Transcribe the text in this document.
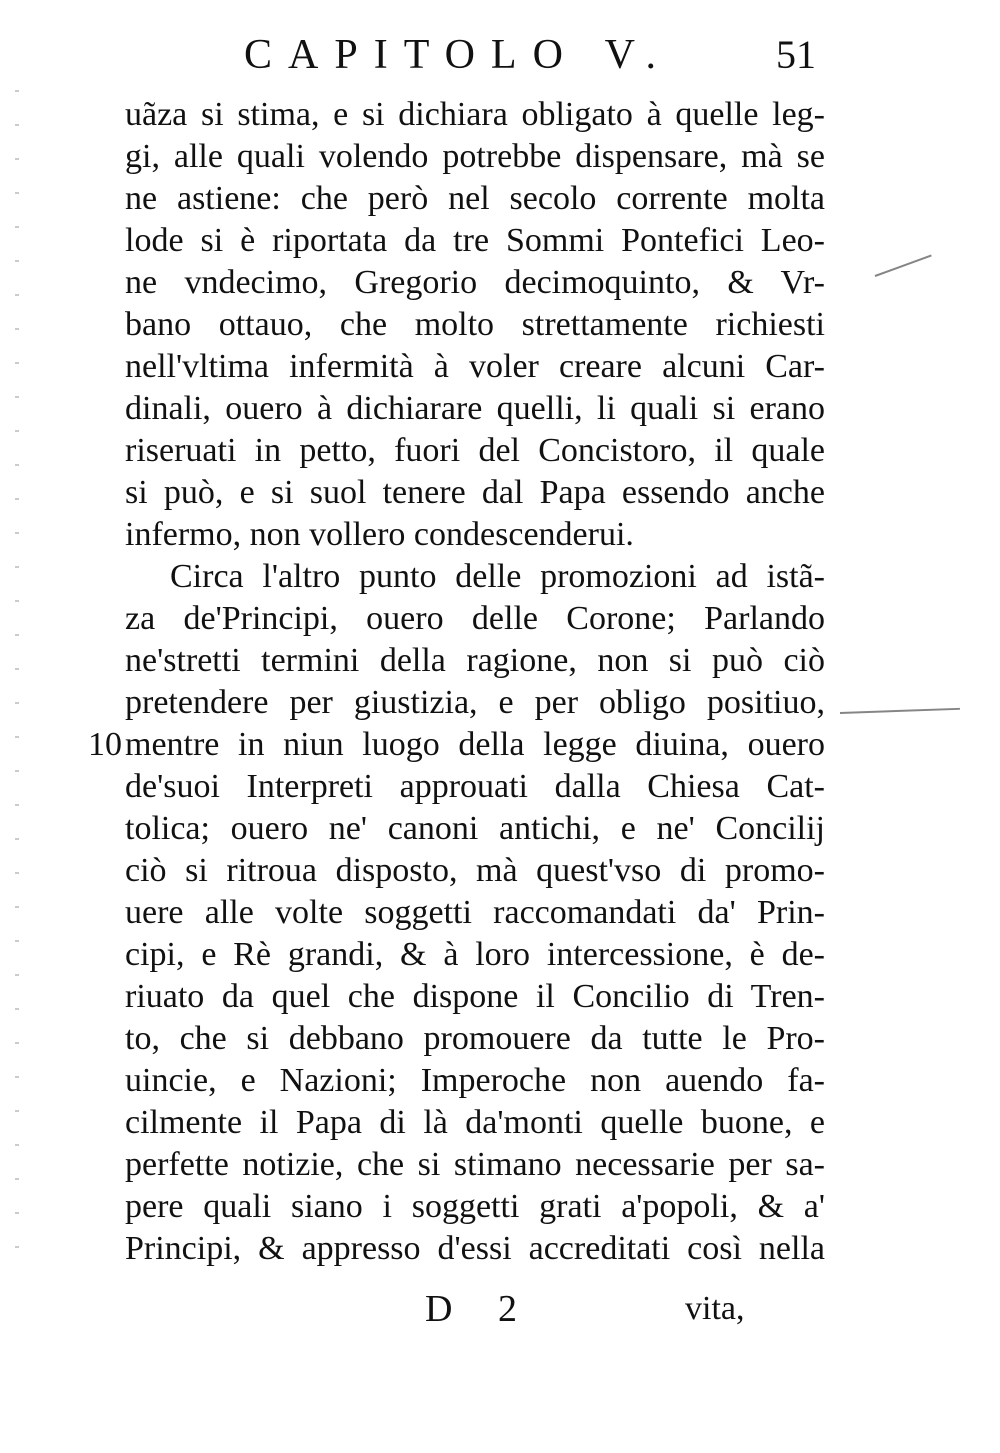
CAPITOLO V.	51
10
uãza si stima, e si dichiara obligato à quelle leg-
gi, alle quali volendo potrebbe dispensare, mà se
ne astiene: che però nel secolo corrente molta
lode si è riportata da tre Sommi Pontefici Leo-
ne vndecimo, Gregorio decimoquinto, & Vr-
bano ottauo, che molto strettamente richiesti
nell'vltima infermità à voler creare alcuni Car-
dinali, ouero à dichiarare quelli, li quali si erano
riseruati in petto, fuori del Concistoro, il quale
si può, e si suol tenere dal Papa essendo anche
infermo, non vollero condescenderui.
Circa l'altro punto delle promozioni ad istã-
za de'Principi, ouero delle Corone; Parlando
ne'stretti termini della ragione, non si può ciò
pretendere per giustizia, e per obligo positiuo,
mentre in niun luogo della legge diuina, ouero
de'suoi Interpreti approuati dalla Chiesa Cat-
tolica; ouero ne' canoni antichi, e ne' Concilij
ciò si ritroua disposto, mà quest'vso di promo-
uere alle volte soggetti raccomandati da' Prin-
cipi, e Rè grandi, & à loro intercessione, è de-
riuato da quel che dispone il Concilio di Tren-
to, che si debbano promouere da tutte le Pro-
uincie, e Nazioni; Imperoche non auendo fa-
cilmente il Papa di là da'monti quelle buone, e
perfette notizie, che si stimano necessarie per sa-
pere quali siano i soggetti grati a'popoli, & a'
Principi, & appresso d'essi accreditati così nella
D 2	vita,
